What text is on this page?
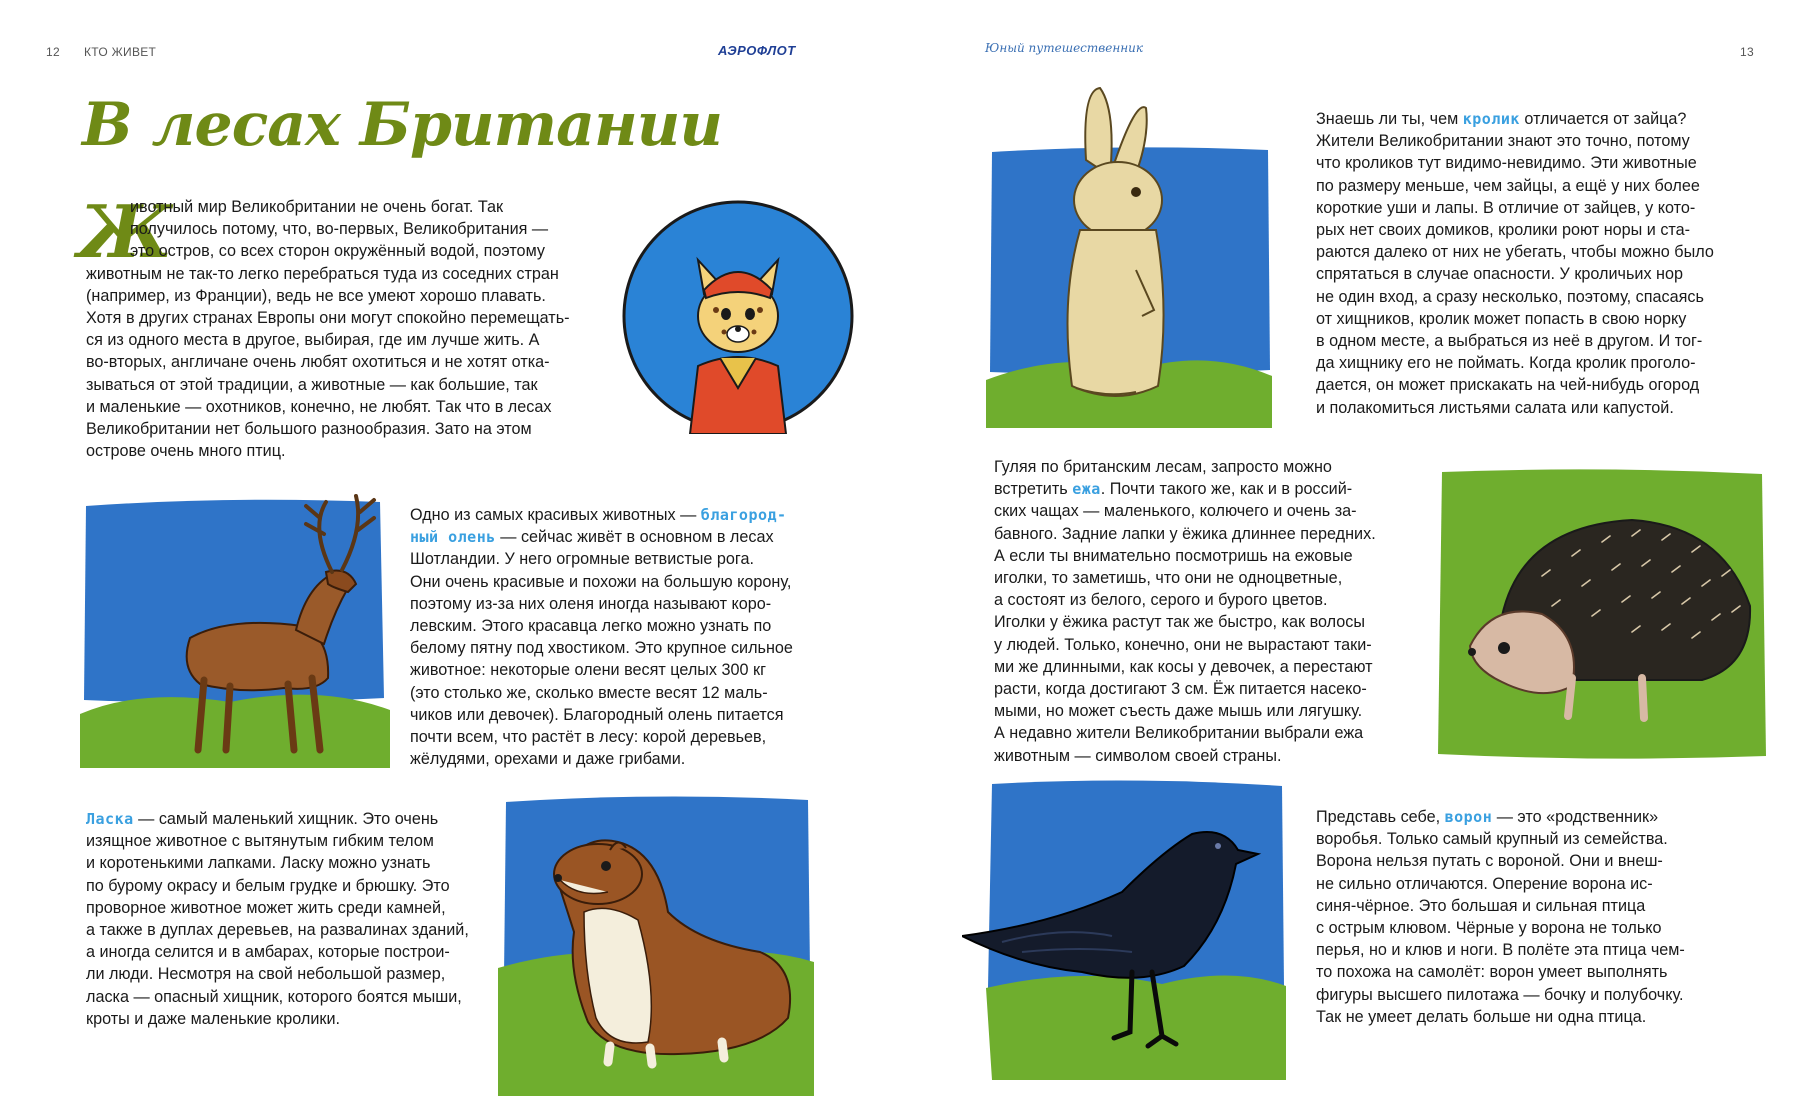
12 КТО ЖИВЕТ	АЭРОФЛОТ	Юный путешественник	13
В лесах Британии
Ж
ивотный мир Великобритании не очень богат. Так
получилось потому, что, во-первых, Великобритания —
это остров, со всех сторон окружённый водой, поэтому
животным не так-то легко перебраться туда из соседних стран
(например, из Франции), ведь не все умеют хорошо плавать.
Хотя в других странах Европы они могут спокойно перемещать-
ся из одного места в другое, выбирая, где им лучше жить. А
во-вторых, англичане очень любят охотиться и не хотят отка-
зываться от этой традиции, а животные — как большие, так
и маленькие — охотников, конечно, не любят. Так что в лесах
Великобритании нет большого разнообразия. Зато на этом
острове очень много птиц.
Одно из самых красивых животных — благород-
ный олень — сейчас живёт в основном в лесах
Шотландии. У него огромные ветвистые рога.
Они очень красивые и похожи на большую корону,
поэтому из-за них оленя иногда называют коро-
левским. Этого красавца легко можно узнать по
белому пятну под хвостиком. Это крупное сильное
животное: некоторые олени весят целых 300 кг
(это столько же, сколько вместе весят 12 маль-
чиков или девочек). Благородный олень питается
почти всем, что растёт в лесу: корой деревьев,
жёлудями, орехами и даже грибами.
Ласка — самый маленький хищник. Это очень
изящное животное с вытянутым гибким телом
и коротенькими лапками. Ласку можно узнать
по бурому окрасу и белым грудке и брюшку. Это
проворное животное может жить среди камней,
а также в дуплах деревьев, на развалинах зданий,
а иногда селится и в амбарах, которые построи-
ли люди. Несмотря на свой небольшой размер,
ласка — опасный хищник, которого боятся мыши,
кроты и даже маленькие кролики.
Знаешь ли ты, чем кролик отличается от зайца?
Жители Великобритании знают это точно, потому
что кроликов тут видимо-невидимо. Эти животные
по размеру меньше, чем зайцы, а ещё у них более
короткие уши и лапы. В отличие от зайцев, у кото-
рых нет своих домиков, кролики роют норы и ста-
раются далеко от них не убегать, чтобы можно было
спрятаться в случае опасности. У кроличьих нор
не один вход, а сразу несколько, поэтому, спасаясь
от хищников, кролик может попасть в свою норку
в одном месте, а выбраться из неё в другом. И тог-
да хищнику его не поймать. Когда кролик проголо-
дается, он может прискакать на чей-нибудь огород
и полакомиться листьями салата или капустой.
Гуляя по британским лесам, запросто можно
встретить ежа. Почти такого же, как и в россий-
ских чащах — маленького, колючего и очень за-
бавного. Задние лапки у ёжика длиннее передних.
А если ты внимательно посмотришь на ежовые
иголки, то заметишь, что они не одноцветные,
а состоят из белого, серого и бурого цветов.
Иголки у ёжика растут так же быстро, как волосы
у людей. Только, конечно, они не вырастают таки-
ми же длинными, как косы у девочек, а перестают
расти, когда достигают 3 см. Ёж питается насеко-
мыми, но может съесть даже мышь или лягушку.
А недавно жители Великобритании выбрали ежа
животным — символом своей страны.
Представь себе, ворон — это «родственник»
воробья. Только самый крупный из семейства.
Ворона нельзя путать с вороной. Они и внеш-
не сильно отличаются. Оперение ворона ис-
синя-чёрное. Это большая и сильная птица
с острым клювом. Чёрные у ворона не только
перья, но и клюв и ноги. В полёте эта птица чем-
то похожа на самолёт: ворон умеет выполнять
фигуры высшего пилотажа — бочку и полубочку.
Так не умеет делать больше ни одна птица.
